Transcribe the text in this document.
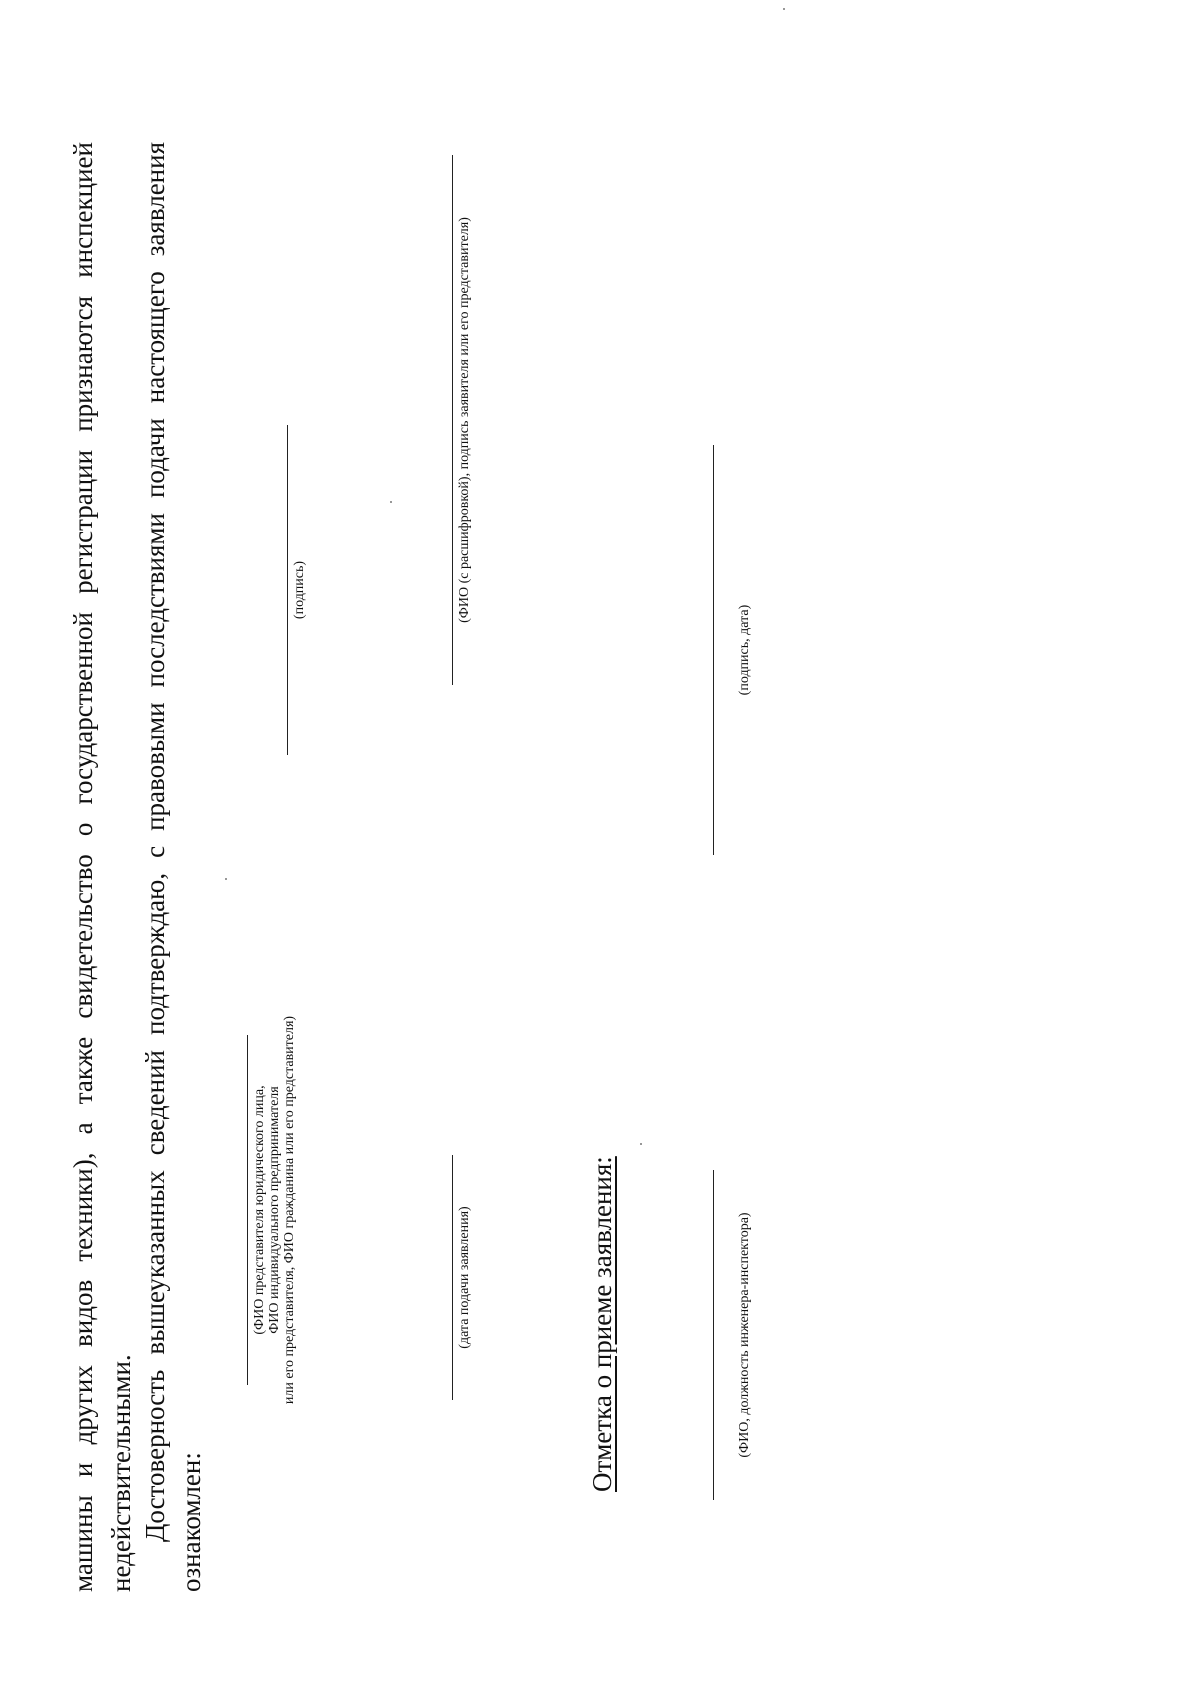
машины и других видов техники), а также свидетельство о государственной регистрации признаются инспекцией недействительными. Достоверность вышеуказанных сведений подтверждаю, с правовыми последствиями подачи настоящего заявления ознакомлен:
(ФИО представителя юридического лица, ФИО индивидуального предпринимателя или его представителя, ФИО гражданина или его представителя)
(подпись)
(дата подачи заявления)
(ФИО (с расшифровкой), подпись заявителя или его представителя)
Отметка о приеме заявления:	(ФИО, должность инженера-инспектора)
(подпись, дата)
